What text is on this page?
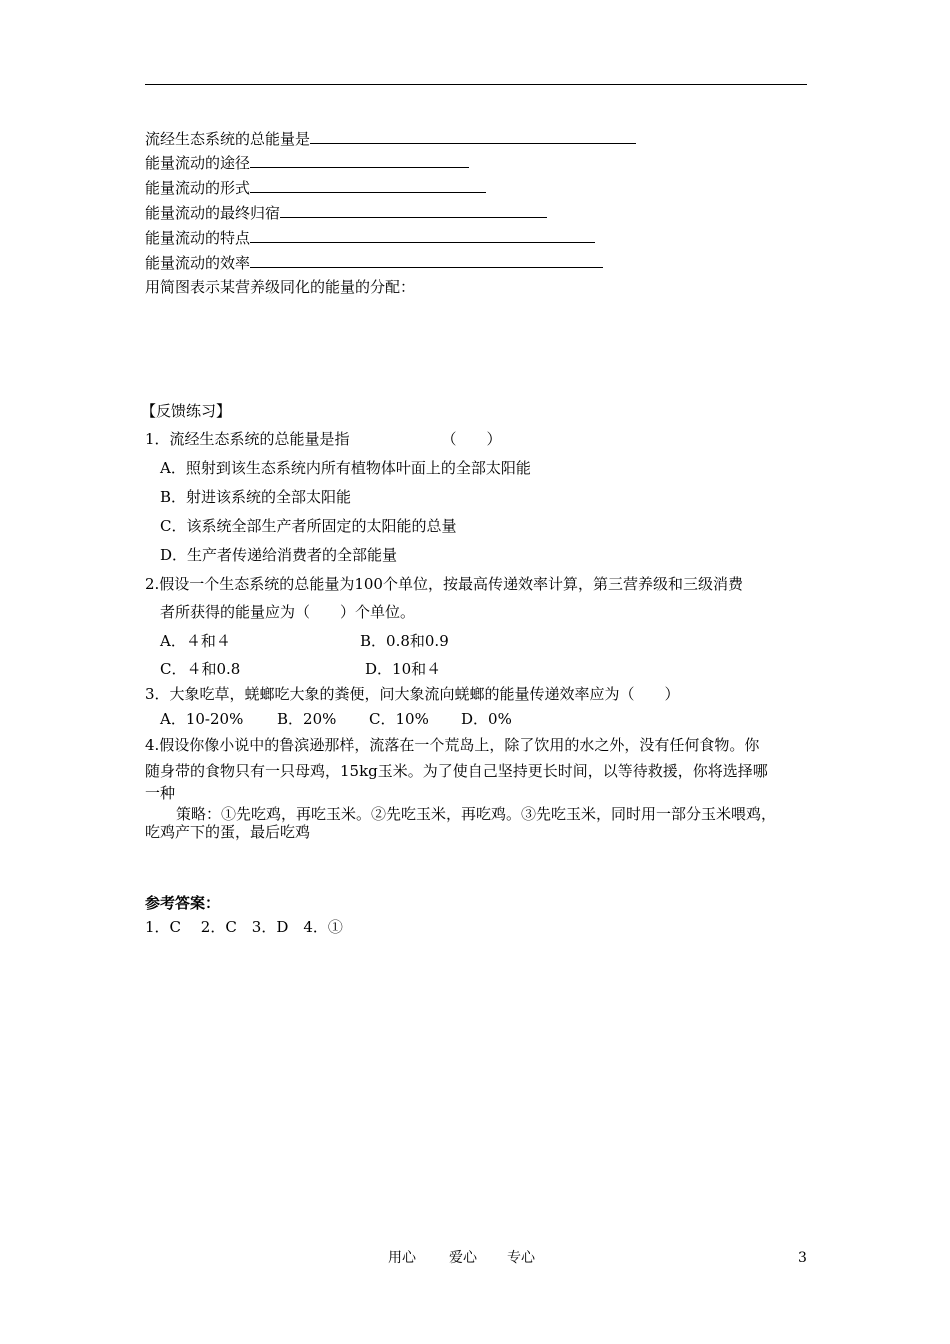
流经生态系统的总能量是
能量流动的途径
能量流动的形式
能量流动的最终归宿
能量流动的特点
能量流动的效率
用简图表示某营养级同化的能量的分配：
【反馈练习】
1．流经生态系统的总能量是指	（　　）
A．照射到该生态系统内所有植物体叶面上的全部太阳能
B．射进该系统的全部太阳能
C．该系统全部生产者所固定的太阳能的总量
D．生产者传递给消费者的全部能量
2.假设一个生态系统的总能量为100个单位，按最高传递效率计算，第三营养级和三级消费
者所获得的能量应为（　　）个单位。
A．４和４	B．0.8和0.9
C．４和0.8	D．10和４
3．大象吃草，蜣螂吃大象的粪便，问大象流向蜣螂的能量传递效率应为（　　）
A．10-20% B．20% C．10% D．0%
4.假设你像小说中的鲁滨逊那样，流落在一个荒岛上，除了饮用的水之外，没有任何食物。你
随身带的食物只有一只母鸡，15kg玉米。为了使自己坚持更长时间，以等待救援，你将选择哪
一种
策略：①先吃鸡，再吃玉米。②先吃玉米，再吃鸡。③先吃玉米，同时用一部分玉米喂鸡，
吃鸡产下的蛋，最后吃鸡
参考答案：
1．C　 2．C　3．D　4．①
用心 爱心 专心	3
